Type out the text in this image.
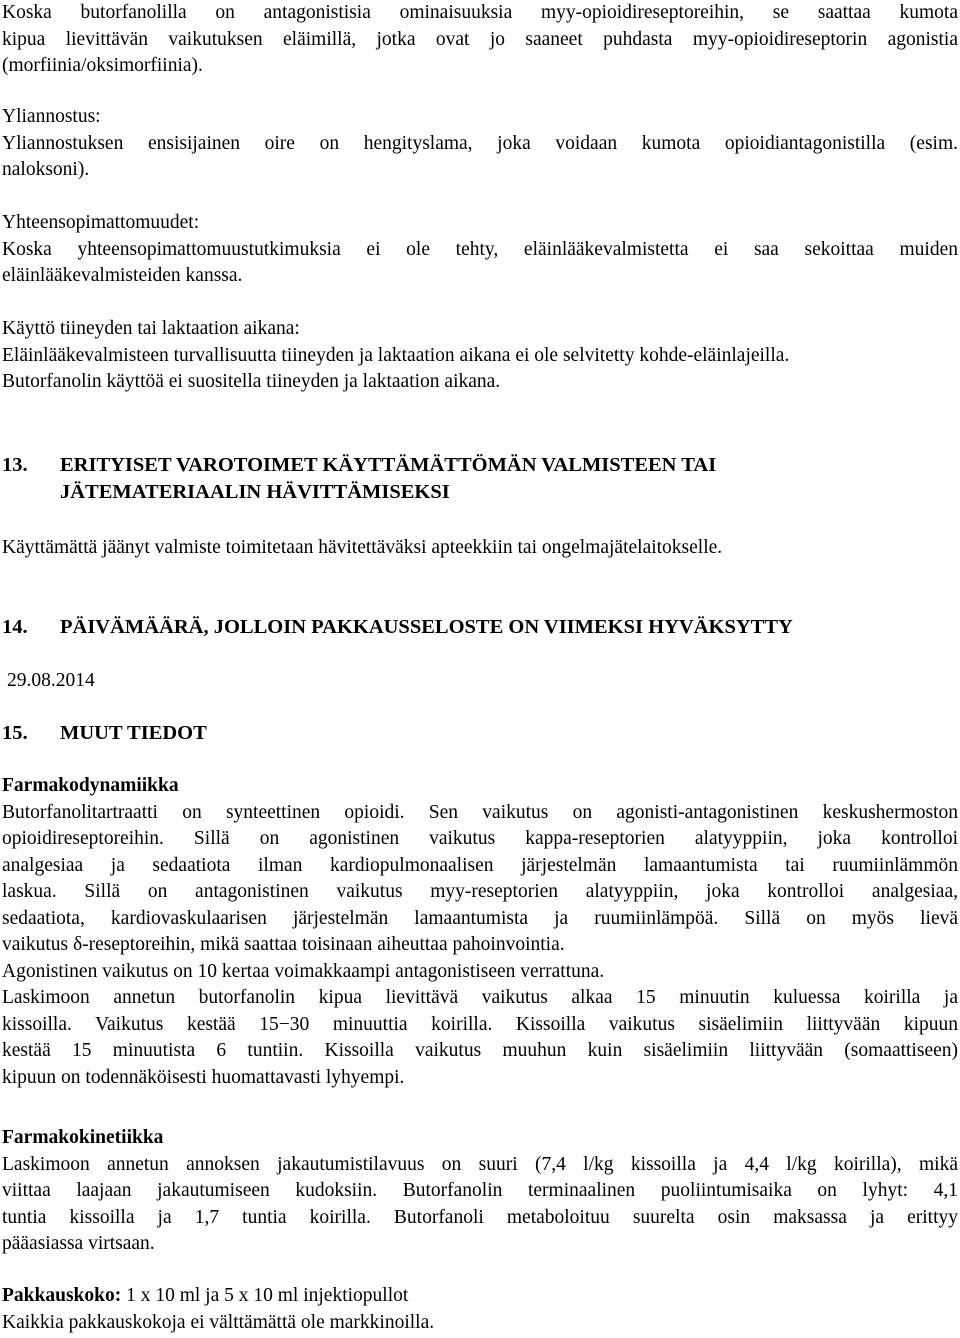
Koska butorfanolilla on antagonistisia ominaisuuksia myy-opioidireseptoreihin, se saattaa kumota

kipua lievittävän vaikutuksen eläimillä, jotka ovat jo saaneet puhdasta myy-opioidireseptorin agonistia

(morfiinia/oksimorfiinia).

Yliannostus:

Yliannostuksen ensisijainen oire on hengityslama, joka voidaan kumota opioidiantagonistilla (esim.

naloksoni).

Yhteensopimattomuudet:

Koska yhteensopimattomuustutkimuksia ei ole tehty, eläinlääkevalmistetta ei saa sekoittaa muiden

eläinlääkevalmisteiden kanssa.

Käyttö tiineyden tai laktaation aikana:

Eläinlääkevalmisteen turvallisuutta tiineyden ja laktaation aikana ei ole selvitetty kohde-eläinlajeilla.

Butorfanolin käyttöä ei suositella tiineyden ja laktaation aikana.

13.	ERITYISET VAROTOIMET KÄYTTÄMÄTTÖMÄN VALMISTEEN TAI
JÄTEMATERIAALIN HÄVITTÄMISEKSI

Käyttämättä jäänyt valmiste toimitetaan hävitettäväksi apteekkiin tai ongelmajätelaitokselle.

14.	PÄIVÄMÄÄRÄ, JOLLOIN PAKKAUSSELOSTE ON VIIMEKSI HYVÄKSYTTY

29.08.2014

15.	MUUT TIEDOT

Farmakodynamiikka

Butorfanolitartraatti on synteettinen opioidi. Sen vaikutus on agonisti-antagonistinen keskushermoston

opioidireseptoreihin. Sillä on agonistinen vaikutus kappa-reseptorien alatyyppiin, joka kontrolloi

analgesiaa ja sedaatiota ilman kardiopulmonaalisen järjestelmän lamaantumista tai ruumiinlämmön

laskua. Sillä on antagonistinen vaikutus myy-reseptorien alatyyppiin, joka kontrolloi analgesiaa,

sedaatiota, kardiovaskulaarisen järjestelmän lamaantumista ja ruumiinlämpöä. Sillä on myös lievä

vaikutus δ-reseptoreihin, mikä saattaa toisinaan aiheuttaa pahoinvointia.

Agonistinen vaikutus on 10 kertaa voimakkaampi antagonistiseen verrattuna.

Laskimoon annetun butorfanolin kipua lievittävä vaikutus alkaa 15 minuutin kuluessa koirilla ja

kissoilla. Vaikutus kestää 15−30 minuuttia koirilla. Kissoilla vaikutus sisäelimiin liittyvään kipuun

kestää 15 minuutista 6 tuntiin. Kissoilla vaikutus muuhun kuin sisäelimiin liittyvään (somaattiseen)

kipuun on todennäköisesti huomattavasti lyhyempi.

Farmakokinetiikka

Laskimoon annetun annoksen jakautumistilavuus on suuri (7,4 l/kg kissoilla ja 4,4 l/kg koirilla), mikä

viittaa laajaan jakautumiseen kudoksiin. Butorfanolin terminaalinen puoliintumisaika on lyhyt: 4,1

tuntia kissoilla ja 1,7 tuntia koirilla. Butorfanoli metaboloituu suurelta osin maksassa ja erittyy

pääasiassa virtsaan.

Pakkauskoko: 1 x 10 ml ja 5 x 10 ml injektiopullot

Kaikkia pakkauskokoja ei välttämättä ole markkinoilla.
